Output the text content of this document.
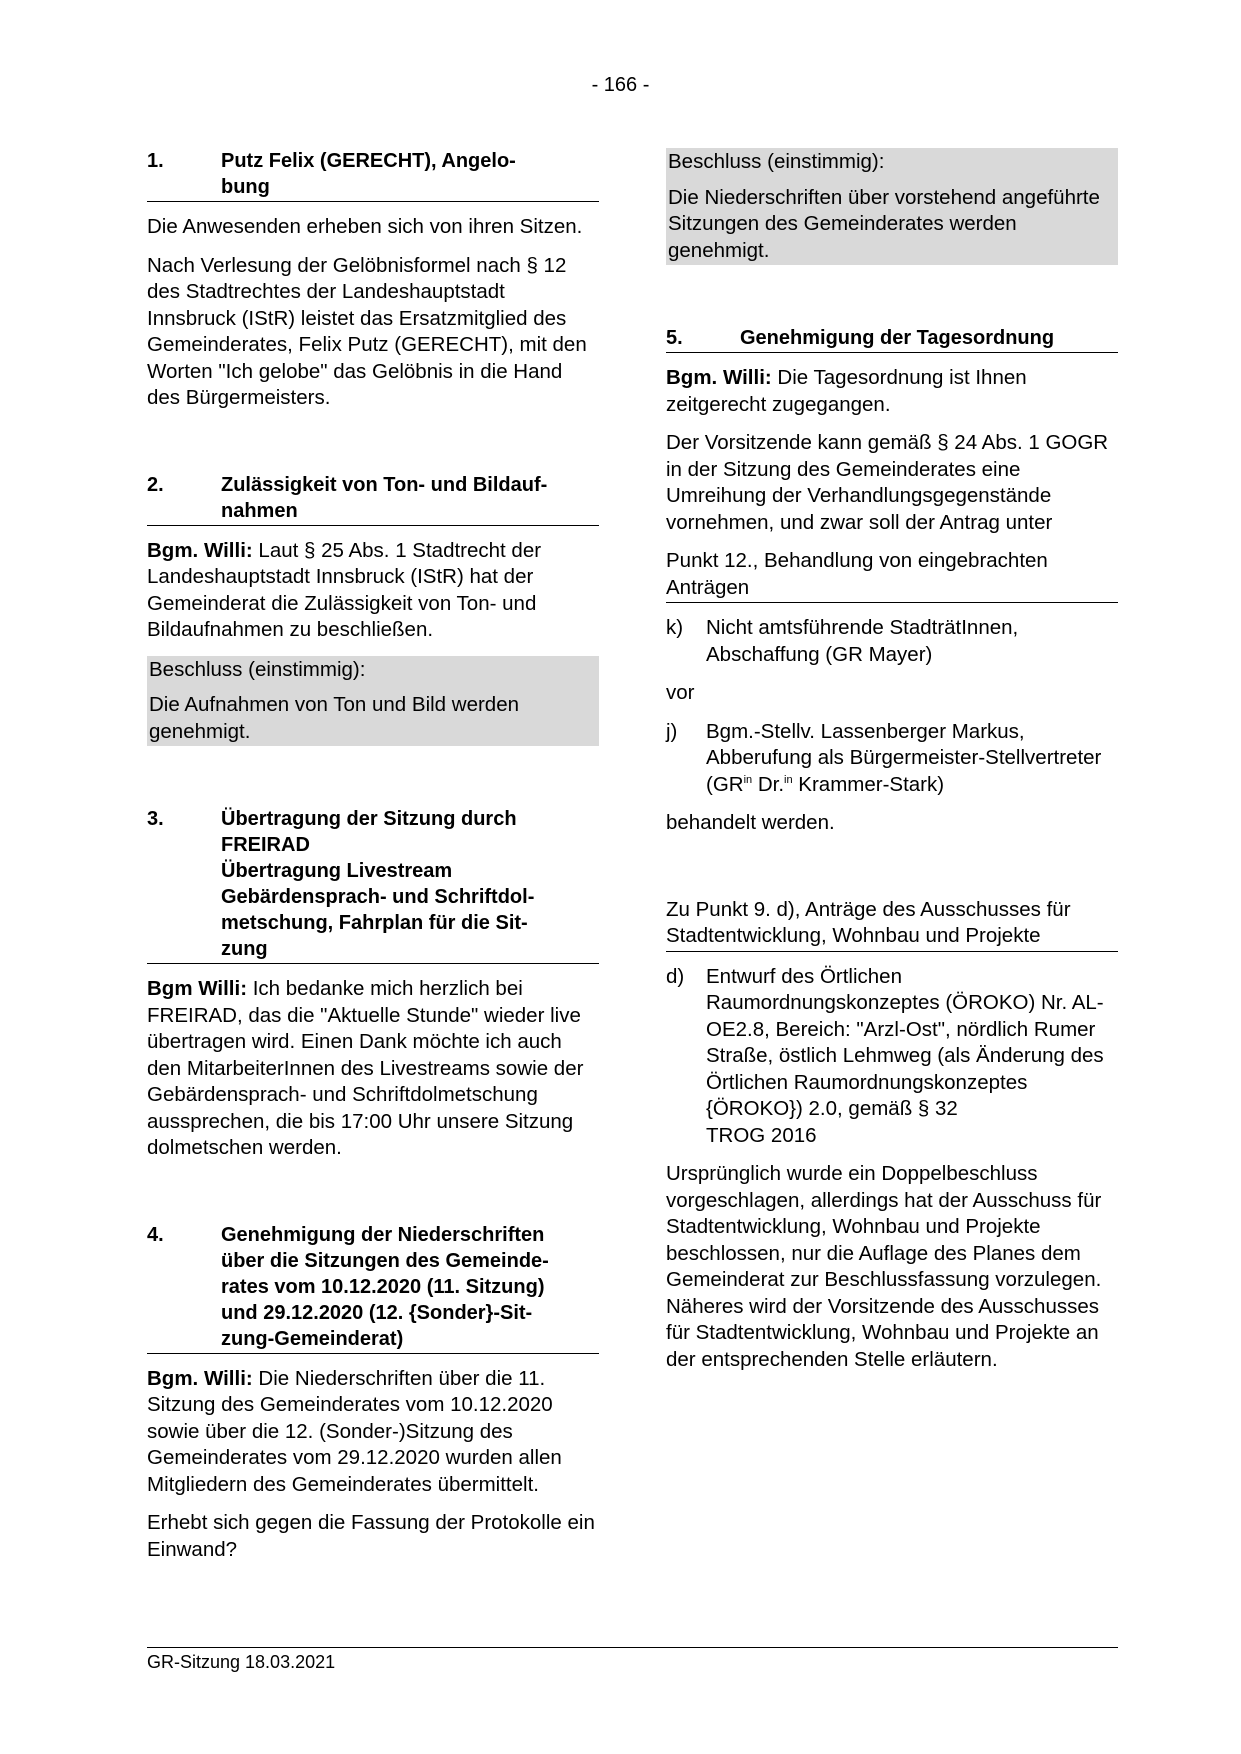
- 166 -
1.	Putz Felix (GERECHT), Angelo-
bung

Die Anwesenden erheben sich von ihren Sitzen.

Nach Verlesung der Gelöbnisformel nach § 12 des Stadtrechtes der Landeshauptstadt Innsbruck (IStR) leistet das Ersatzmitglied des Gemeinderates, Felix Putz (GERECHT), mit den Worten "Ich gelobe" das Gelöbnis in die Hand des Bürgermeisters.

2.	Zulässigkeit von Ton- und Bildauf-
nahmen

Bgm. Willi: Laut § 25 Abs. 1 Stadtrecht der Landeshauptstadt Innsbruck (IStR) hat der Gemeinderat die Zulässigkeit von Ton- und Bildaufnahmen zu beschließen.

Beschluss (einstimmig):

Die Aufnahmen von Ton und Bild werden genehmigt.

3.	Übertragung der Sitzung durch
FREIRAD
Übertragung Livestream
Gebärdensprach- und Schriftdol-
metschung, Fahrplan für die Sit-
zung

Bgm Willi: Ich bedanke mich herzlich bei FREIRAD, das die "Aktuelle Stunde" wieder live übertragen wird. Einen Dank möchte ich auch den MitarbeiterInnen des Livestreams sowie der Gebärdensprach- und Schriftdolmetschung aussprechen, die bis 17:00 Uhr unsere Sitzung dolmetschen werden.

4.	Genehmigung der Niederschriften
über die Sitzungen des Gemeinde-
rates vom 10.12.2020 (11. Sitzung)
und 29.12.2020 (12. {Sonder}-Sit-
zung-Gemeinderat)

Bgm. Willi: Die Niederschriften über die 11. Sitzung des Gemeinderates vom 10.12.2020 sowie über die 12. (Sonder-)Sitzung des Gemeinderates vom 29.12.2020 wurden allen Mitgliedern des Gemeinderates übermittelt.

Erhebt sich gegen die Fassung der Protokolle ein Einwand?

Beschluss (einstimmig):

Die Niederschriften über vorstehend angeführte Sitzungen des Gemeinderates werden genehmigt.

5.	Genehmigung der Tagesordnung

Bgm. Willi: Die Tagesordnung ist Ihnen zeitgerecht zugegangen.

Der Vorsitzende kann gemäß § 24 Abs. 1 GOGR in der Sitzung des Gemeinderates eine Umreihung der Verhandlungsgegenstände vornehmen, und zwar soll der Antrag unter

Punkt 12., Behandlung von eingebrachten Anträgen

k)	Nicht amtsführende StadträtInnen, Abschaffung (GR Mayer)

vor

j)	Bgm.-Stellv. Lassenberger Markus, Abberufung als Bürgermeister-Stellvertreter ($GR^{in}$ Dr.$^{in}$ Krammer-Stark)

behandelt werden.

Zu Punkt 9. d), Anträge des Ausschusses für Stadtentwicklung, Wohnbau und Projekte

d)	Entwurf des Örtlichen Raumordnungskonzeptes (ÖROKO) Nr. AL-OE2.8, Bereich: "Arzl-Ost", nördlich Rumer Straße, östlich Lehmweg (als Änderung des Örtlichen Raumordnungskonzeptes {ÖROKO}) 2.0, gemäß § 32
TROG 2016

Ursprünglich wurde ein Doppelbeschluss vorgeschlagen, allerdings hat der Ausschuss für Stadtentwicklung, Wohnbau und Projekte beschlossen, nur die Auflage des Planes dem Gemeinderat zur Beschlussfassung vorzulegen. Näheres wird der Vorsitzende des Ausschusses für Stadtentwicklung, Wohnbau und Projekte an der entsprechenden Stelle erläutern.

GR-Sitzung 18.03.2021
